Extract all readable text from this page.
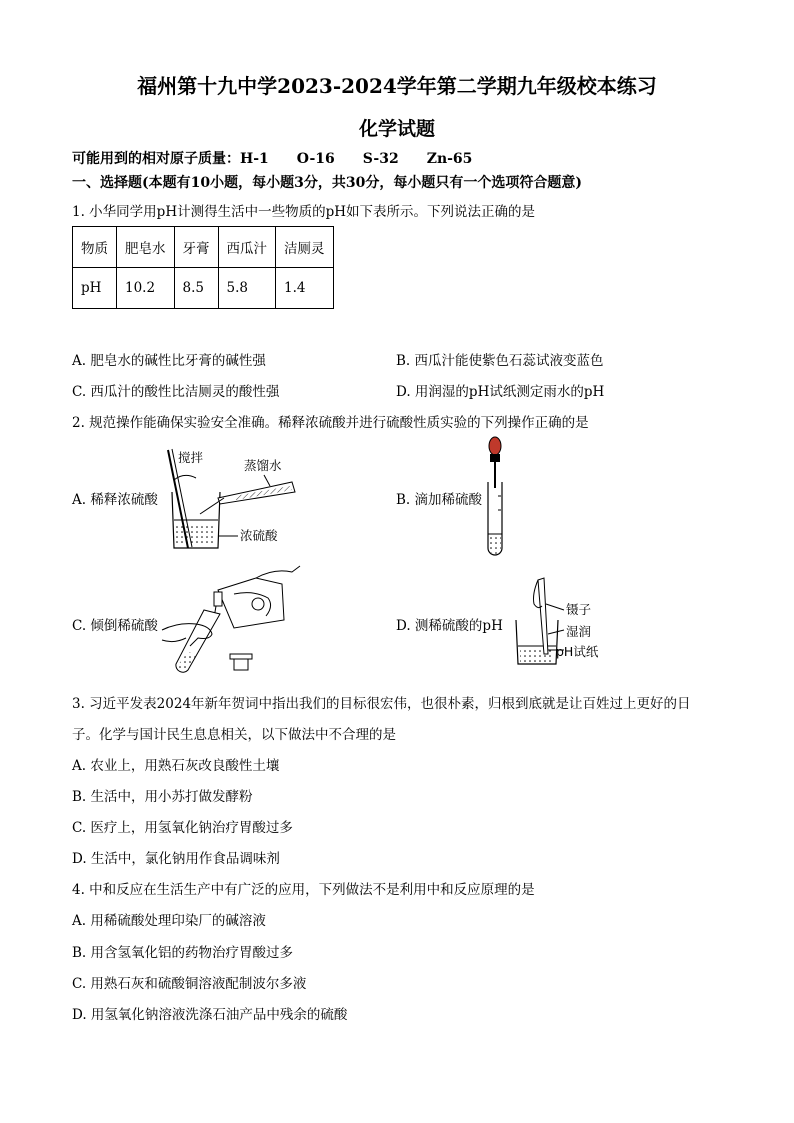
福州第十九中学2023-2024学年第二学期九年级校本练习
化学试题
可能用到的相对原子质量：H-1 O-16 S-32 Zn-65
一、选择题(本题有10小题，每小题3分，共30分，每小题只有一个选项符合题意)
1. 小华同学用pH计测得生活中一些物质的pH如下表所示。下列说法正确的是
物质	肥皂水	牙膏	西瓜汁	洁厕灵
pH	10.2	8.5	5.8	1.4
A. 肥皂水的碱性比牙膏的碱性强	B. 西瓜汁能使紫色石蕊试液变蓝色
C. 西瓜汁的酸性比洁厕灵的酸性强	D. 用润湿的pH试纸测定雨水的pH
2. 规范操作能确保实验安全准确。稀释浓硫酸并进行硫酸性质实验的下列操作正确的是
A. 稀释浓硫酸	B. 滴加稀硫酸
C. 倾倒稀硫酸	D. 测稀硫酸的pH
搅拌
蒸馏水
浓硫酸
镊子
湿润
pH试纸
3. 习近平发表2024年新年贺词中指出我们的目标很宏伟，也很朴素，归根到底就是让百姓过上更好的日
子。化学与国计民生息息相关，以下做法中不合理的是
A. 农业上，用熟石灰改良酸性土壤
B. 生活中，用小苏打做发酵粉
C. 医疗上，用氢氧化钠治疗胃酸过多
D. 生活中，氯化钠用作食品调味剂
4. 中和反应在生活生产中有广泛的应用，下列做法不是利用中和反应原理的是
A. 用稀硫酸处理印染厂的碱溶液
B. 用含氢氧化铝的药物治疗胃酸过多
C. 用熟石灰和硫酸铜溶液配制波尔多液
D. 用氢氧化钠溶液洗涤石油产品中残余的硫酸
